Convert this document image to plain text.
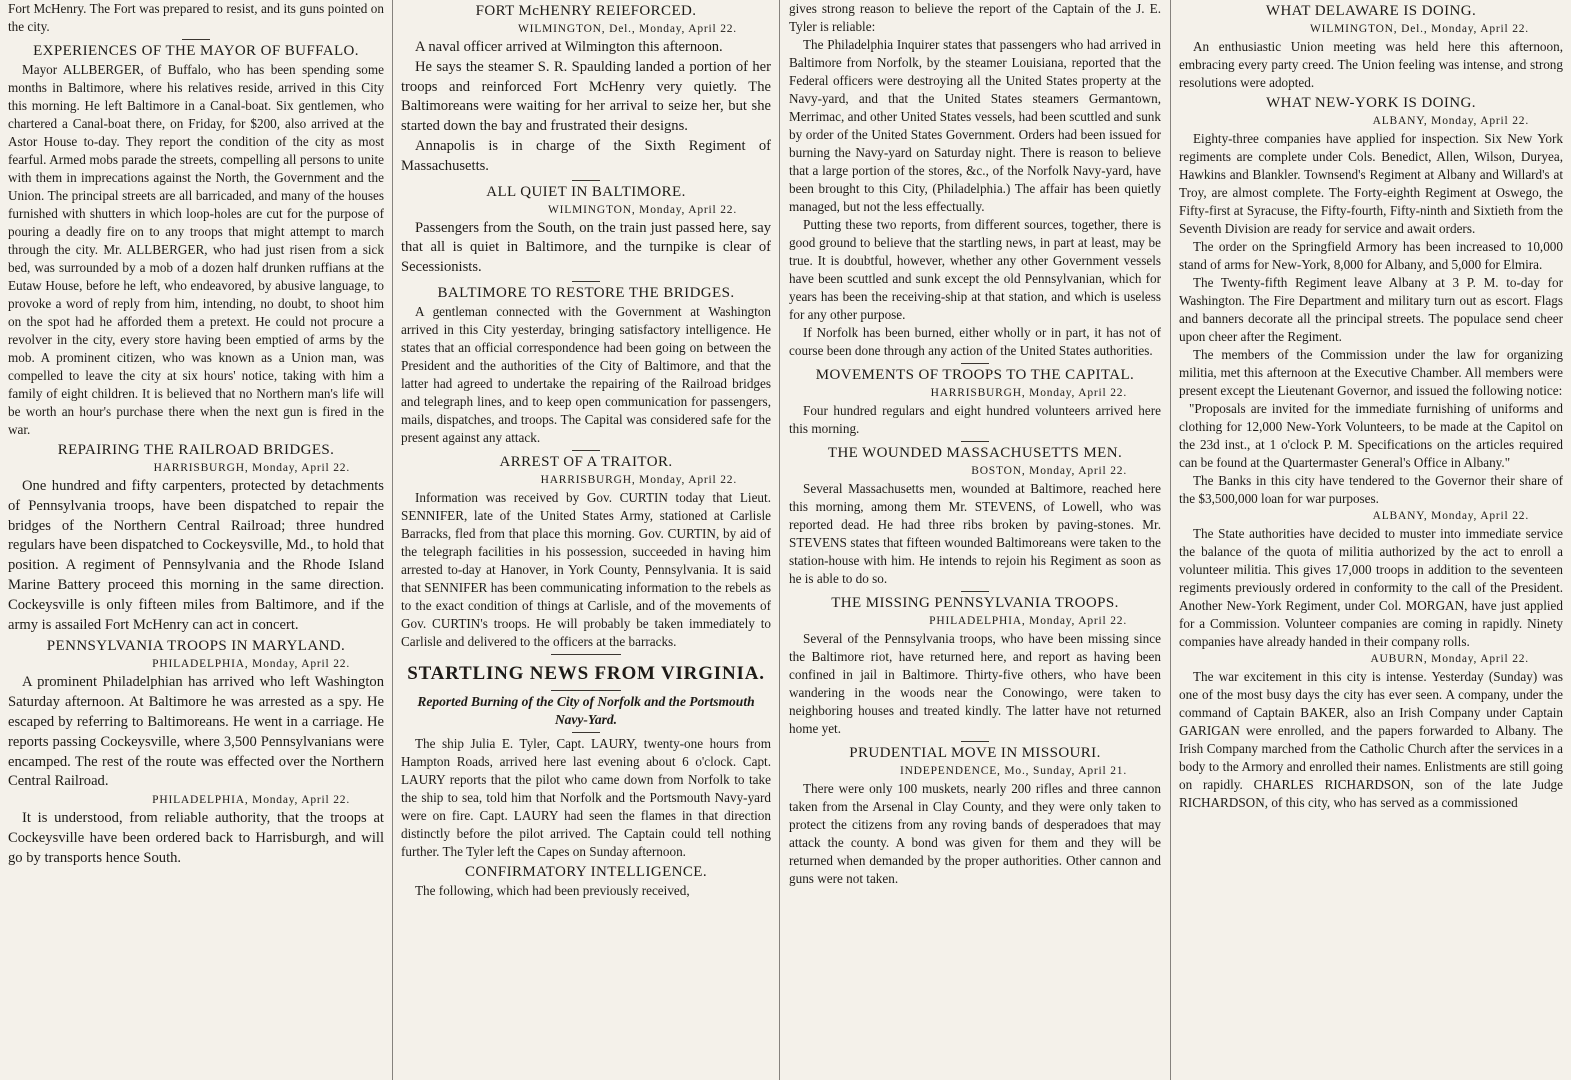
Fort McHenry. The Fort was prepared to resist, and its guns pointed on the city.

EXPERIENCES OF THE MAYOR OF BUFFALO.

Mayor ALLBERGER, of Buffalo, who has been spending some months in Baltimore, where his relatives reside, arrived in this City this morning. He left Baltimore in a Canal-boat. Six gentlemen, who chartered a Canal-boat there, on Friday, for $200, also arrived at the Astor House to-day. They report the condition of the city as most fearful. Armed mobs parade the streets, compelling all persons to unite with them in imprecations against the North, the Government and the Union. The principal streets are all barricaded, and many of the houses furnished with shutters in which loop-holes are cut for the purpose of pouring a deadly fire on to any troops that might attempt to march through the city. Mr. ALLBERGER, who had just risen from a sick bed, was surrounded by a mob of a dozen half drunken ruffians at the Eutaw House, before he left, who endeavored, by abusive language, to provoke a word of reply from him, intending, no doubt, to shoot him on the spot had he afforded them a pretext. He could not procure a revolver in the city, every store having been emptied of arms by the mob. A prominent citizen, who was known as a Union man, was compelled to leave the city at six hours' notice, taking with him a family of eight children. It is believed that no Northern man's life will be worth an hour's purchase there when the next gun is fired in the war.

REPAIRING THE RAILROAD BRIDGES.
HARRISBURGH, Monday, April 22.

One hundred and fifty carpenters, protected by detachments of Pennsylvania troops, have been dispatched to repair the bridges of the Northern Central Railroad; three hundred regulars have been dispatched to Cockeysville, Md., to hold that position. A regiment of Pennsylvania and the Rhode Island Marine Battery proceed this morning in the same direction. Cockeysville is only fifteen miles from Baltimore, and if the army is assailed Fort McHenry can act in concert.

PENNSYLVANIA TROOPS IN MARYLAND.
PHILADELPHIA, Monday, April 22.

A prominent Philadelphian has arrived who left Washington Saturday afternoon. At Baltimore he was arrested as a spy. He escaped by referring to Baltimoreans. He went in a carriage. He reports passing Cockeysville, where 3,500 Pennsylvanians were encamped. The rest of the route was effected over the Northern Central Railroad.

PHILADELPHIA, Monday, April 22.

It is understood, from reliable authority, that the troops at Cockeysville have been ordered back to Harrisburgh, and will go by transports hence South.

FORT McHENRY REIEFORCED.
WILMINGTON, Del., Monday, April 22.

A naval officer arrived at Wilmington this afternoon.

He says the steamer S. R. Spaulding landed a portion of her troops and reinforced Fort McHenry very quietly. The Baltimoreans were waiting for her arrival to seize her, but she started down the bay and frustrated their designs.

Annapolis is in charge of the Sixth Regiment of Massachusetts.

ALL QUIET IN BALTIMORE.
WILMINGTON, Monday, April 22.

Passengers from the South, on the train just passed here, say that all is quiet in Baltimore, and the turnpike is clear of Secessionists.

BALTIMORE TO RESTORE THE BRIDGES.

A gentleman connected with the Government at Washington arrived in this City yesterday, bringing satisfactory intelligence. He states that an official correspondence had been going on between the President and the authorities of the City of Baltimore, and that the latter had agreed to undertake the repairing of the Railroad bridges and telegraph lines, and to keep open communication for passengers, mails, dispatches, and troops. The Capital was considered safe for the present against any attack.

ARREST OF A TRAITOR.
HARRISBURGH, Monday, April 22.

Information was received by Gov. CURTIN today that Lieut. SENNIFER, late of the United States Army, stationed at Carlisle Barracks, fled from that place this morning. Gov. CURTIN, by aid of the telegraph facilities in his possession, succeeded in having him arrested to-day at Hanover, in York County, Pennsylvania. It is said that SENNIFER has been communicating information to the rebels as to the exact condition of things at Carlisle, and of the movements of Gov. CURTIN's troops. He will probably be taken immediately to Carlisle and delivered to the officers at the barracks.

STARTLING NEWS FROM VIRGINIA.
Reported Burning of the City of Norfolk and the Portsmouth Navy-Yard.

The ship Julia E. Tyler, Capt. LAURY, twenty-one hours from Hampton Roads, arrived here last evening about 6 o'clock. Capt. LAURY reports that the pilot who came down from Norfolk to take the ship to sea, told him that Norfolk and the Portsmouth Navy-yard were on fire. Capt. LAURY had seen the flames in that direction distinctly before the pilot arrived. The Captain could tell nothing further. The Tyler left the Capes on Sunday afternoon.

CONFIRMATORY INTELLIGENCE.

The following, which had been previously received,

gives strong reason to believe the report of the Captain of the J. E. Tyler is reliable:

The Philadelphia Inquirer states that passengers who had arrived in Baltimore from Norfolk, by the steamer Louisiana, reported that the Federal officers were destroying all the United States property at the Navy-yard, and that the United States steamers Germantown, Merrimac, and other United States vessels, had been scuttled and sunk by order of the United States Government. Orders had been issued for burning the Navy-yard on Saturday night. There is reason to believe that a large portion of the stores, &c., of the Norfolk Navy-yard, have been brought to this City, (Philadelphia.) The affair has been quietly managed, but not the less effectually.

Putting these two reports, from different sources, together, there is good ground to believe that the startling news, in part at least, may be true. It is doubtful, however, whether any other Government vessels have been scuttled and sunk except the old Pennsylvanian, which for years has been the receiving-ship at that station, and which is useless for any other purpose.

If Norfolk has been burned, either wholly or in part, it has not of course been done through any action of the United States authorities.

MOVEMENTS OF TROOPS TO THE CAPITAL.
HARRISBURGH, Monday, April 22.

Four hundred regulars and eight hundred volunteers arrived here this morning.

THE WOUNDED MASSACHUSETTS MEN.
BOSTON, Monday, April 22.

Several Massachusetts men, wounded at Baltimore, reached here this morning, among them Mr. STEVENS, of Lowell, who was reported dead. He had three ribs broken by paving-stones. Mr. STEVENS states that fifteen wounded Baltimoreans were taken to the station-house with him. He intends to rejoin his Regiment as soon as he is able to do so.

THE MISSING PENNSYLVANIA TROOPS.
PHILADELPHIA, Monday, April 22.

Several of the Pennsylvania troops, who have been missing since the Baltimore riot, have returned here, and report as having been confined in jail in Baltimore. Thirty-five others, who have been wandering in the woods near the Conowingo, were taken to neighboring houses and treated kindly. The latter have not returned home yet.

PRUDENTIAL MOVE IN MISSOURI.
INDEPENDENCE, Mo., Sunday, April 21.

There were only 100 muskets, nearly 200 rifles and three cannon taken from the Arsenal in Clay County, and they were only taken to protect the citizens from any roving bands of desperadoes that may attack the county. A bond was given for them and they will be returned when demanded by the proper authorities. Other cannon and guns were not taken.

WHAT DELAWARE IS DOING.
WILMINGTON, Del., Monday, April 22.

An enthusiastic Union meeting was held here this afternoon, embracing every party creed. The Union feeling was intense, and strong resolutions were adopted.

WHAT NEW-YORK IS DOING.
ALBANY, Monday, April 22.

Eighty-three companies have applied for inspection. Six New York regiments are complete under Cols. Benedict, Allen, Wilson, Duryea, Hawkins and Blankler. Townsend's Regiment at Albany and Willard's at Troy, are almost complete. The Forty-eighth Regiment at Oswego, the Fifty-first at Syracuse, the Fifty-fourth, Fifty-ninth and Sixtieth from the Seventh Division are ready for service and await orders.

The order on the Springfield Armory has been increased to 10,000 stand of arms for New-York, 8,000 for Albany, and 5,000 for Elmira.

The Twenty-fifth Regiment leave Albany at 3 P. M. to-day for Washington. The Fire Department and military turn out as escort. Flags and banners decorate all the principal streets. The populace send cheer upon cheer after the Regiment.

The members of the Commission under the law for organizing militia, met this afternoon at the Executive Chamber. All members were present except the Lieutenant Governor, and issued the following notice:

"Proposals are invited for the immediate furnishing of uniforms and clothing for 12,000 New-York Volunteers, to be made at the Capitol on the 23d inst., at 1 o'clock P. M. Specifications on the articles required can be found at the Quartermaster General's Office in Albany."

The Banks in this city have tendered to the Governor their share of the $3,500,000 loan for war purposes.

ALBANY, Monday, April 22.

The State authorities have decided to muster into immediate service the balance of the quota of militia authorized by the act to enroll a volunteer militia. This gives 17,000 troops in addition to the seventeen regiments previously ordered in conformity to the call of the President. Another New-York Regiment, under Col. MORGAN, have just applied for a Commission. Volunteer companies are coming in rapidly. Ninety companies have already handed in their company rolls.

AUBURN, Monday, April 22.

The war excitement in this city is intense. Yesterday (Sunday) was one of the most busy days the city has ever seen. A company, under the command of Captain BAKER, also an Irish Company under Captain GARIGAN were enrolled, and the papers forwarded to Albany. The Irish Company marched from the Catholic Church after the services in a body to the Armory and enrolled their names. Enlistments are still going on rapidly. CHARLES RICHARDSON, son of the late Judge RICHARDSON, of this city, who has served as a commissioned
